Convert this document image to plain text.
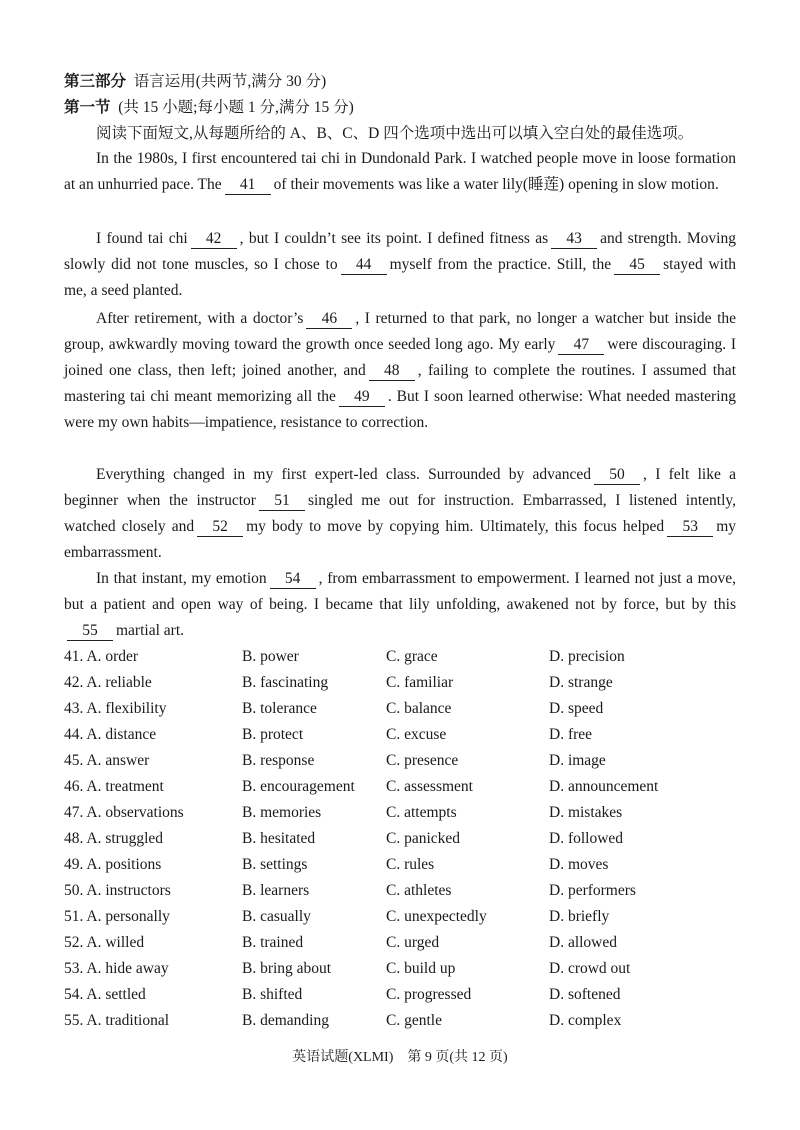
第三部分 语言运用(共两节,满分 30 分)
第一节 (共 15 小题;每小题 1 分,满分 15 分)
阅读下面短文,从每题所给的 A、B、C、D 四个选项中选出可以填入空白处的最佳选项。
In the 1980s, I first encountered tai chi in Dundonald Park. I watched people move in loose formation at an unhurried pace. The 41 of their movements was like a water lily(睡莲) opening in slow motion.
I found tai chi 42 , but I couldn’t see its point. I defined fitness as 43 and strength. Moving slowly did not tone muscles, so I chose to 44 myself from the practice. Still, the 45 stayed with me, a seed planted.
After retirement, with a doctor’s 46 , I returned to that park, no longer a watcher but inside the group, awkwardly moving toward the growth once seeded long ago. My early 47 were discouraging. I joined one class, then left; joined another, and 48 , failing to complete the routines. I assumed that mastering tai chi meant memorizing all the 49 . But I soon learned otherwise: What needed mastering were my own habits—impatience, resistance to correction.
Everything changed in my first expert-led class. Surrounded by advanced 50 , I felt like a beginner when the instructor 51 singled me out for instruction. Embarrassed, I listened intently, watched closely and 52 my body to move by copying him. Ultimately, this focus helped 53 my embarrassment.
In that instant, my emotion 54 , from embarrassment to empowerment. I learned not just a move, but a patient and open way of being. I became that lily unfolding, awakened not by force, but by this55 martial art.
41. A. order	B. power	C. grace	D. precision
42. A. reliable	B. fascinating	C. familiar	D. strange
43. A. flexibility	B. tolerance	C. balance	D. speed
44. A. distance	B. protect	C. excuse	D. free
45. A. answer	B. response	C. presence	D. image
46. A. treatment	B. encouragement C. assessment	D. announcement
47. A. observations	B. memories	C. attempts	D. mistakes
48. A. struggled	B. hesitated	C. panicked	D. followed
49. A. positions	B. settings	C. rules	D. moves
50. A. instructors	B. learners	C. athletes	D. performers
51. A. personally	B. casually	C. unexpectedly	D. briefly
52. A. willed	B. trained	C. urged	D. allowed
53. A. hide away	B. bring about	C. build up	D. crowd out
54. A. settled	B. shifted	C. progressed	D. softened
55. A. traditional	B. demanding	C. gentle	D. complex
英语试题(XLMI)　第 9 页(共 12 页)
